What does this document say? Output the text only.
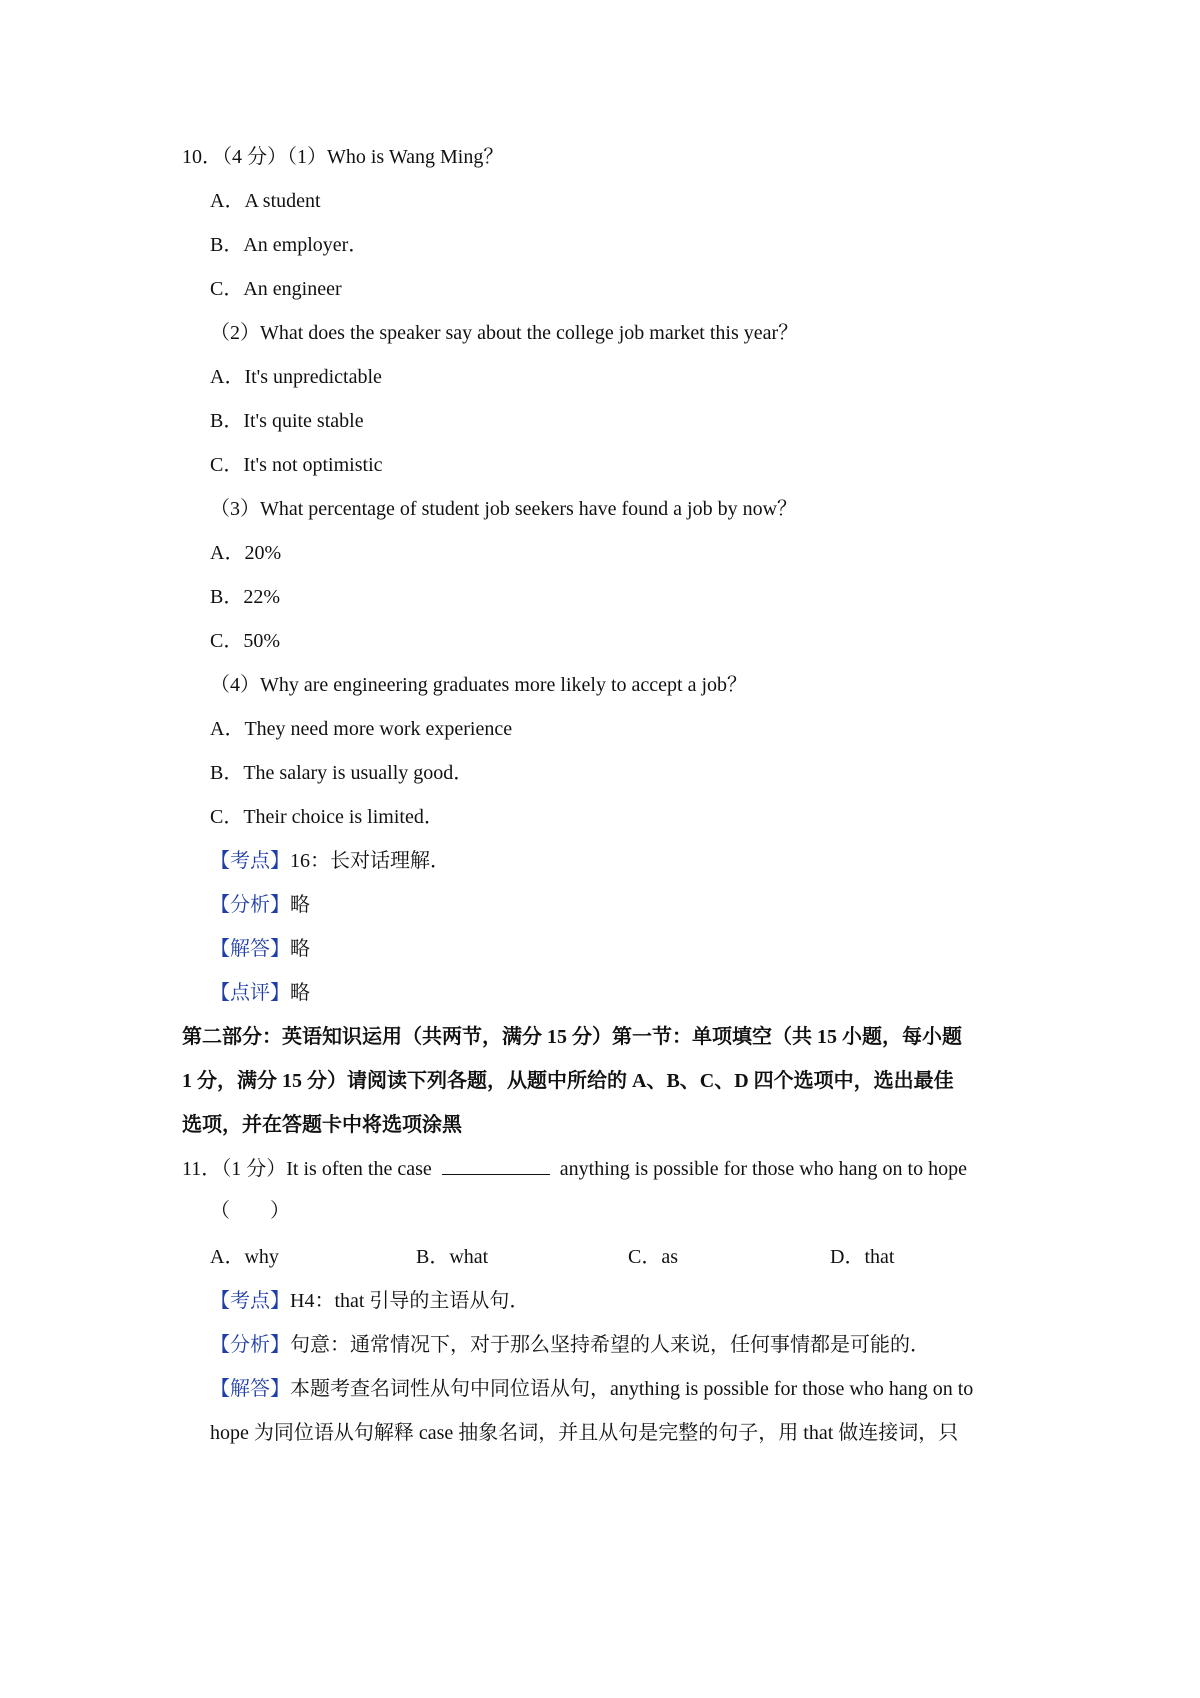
10．（4 分）（1）Who is Wang Ming？
A．A student
B．An employer．
C．An engineer
（2）What does the speaker say about the college job market this year？
A．It's unpredictable
B．It's quite stable
C．It's not optimistic
（3）What percentage of student job seekers have found a job by now？
A．20%
B．22%
C．50%
（4）Why are engineering graduates more likely to accept a job？
A．They need more work experience
B．The salary is usually good．
C．Their choice is limited．
【考点】16：长对话理解．
【分析】略
【解答】略
【点评】略
第二部分：英语知识运用（共两节，满分 15 分）第一节：单项填空（共 15 小题，每小题
1 分，满分 15 分）请阅读下列各题，从题中所给的 A、B、C、D 四个选项中，选出最佳
选项，并在答题卡中将选项涂黑
11．（1 分）It is often the case	anything is possible for those who hang on to hope
（　　）
A．why	B．what	C．as	D．that
【考点】H4：that 引导的主语从句．
【分析】句意：通常情况下，对于那么坚持希望的人来说，任何事情都是可能的．
【解答】本题考查名词性从句中同位语从句，anything is possible for those who hang on to
hope 为同位语从句解释 case 抽象名词，并且从句是完整的句子，用 that 做连接词，只
